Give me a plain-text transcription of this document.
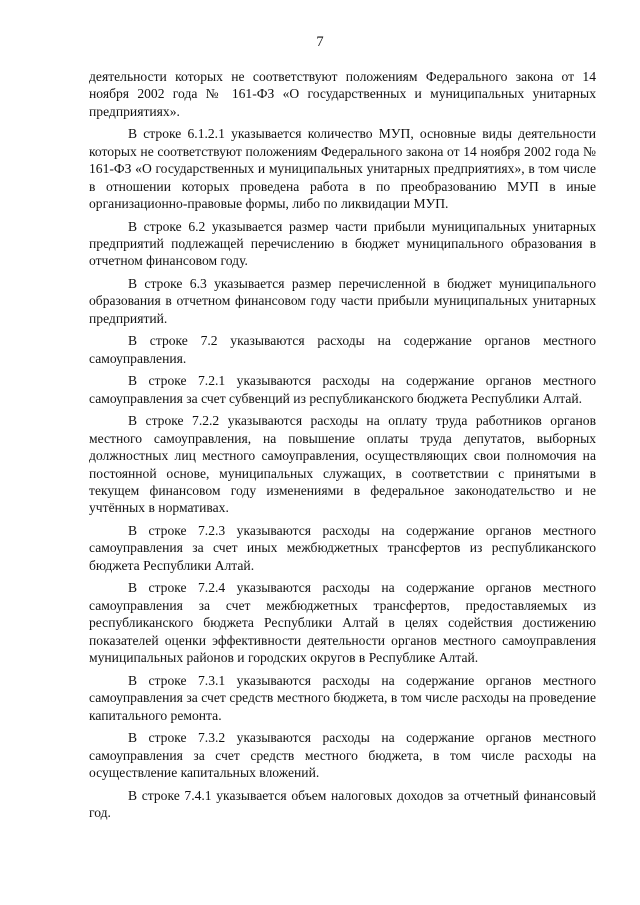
7

деятельности которых не соответствуют положениям Федерального закона от 14 ноября 2002 года № 161-ФЗ «О государственных и муниципальных унитарных предприятиях».

В строке 6.1.2.1 указывается количество МУП, основные виды деятельности которых не соответствуют положениям Федерального закона от 14 ноября 2002 года № 161-ФЗ «О государственных и муниципальных унитарных предприятиях», в том числе в отношении которых проведена работа в по преобразованию МУП в иные организационно-правовые формы, либо по ликвидации МУП.

В строке 6.2 указывается размер части прибыли муниципальных унитарных предприятий подлежащей перечислению в бюджет муниципального образования в отчетном финансовом году.

В строке 6.3 указывается размер перечисленной в бюджет муниципального образования в отчетном финансовом году части прибыли муниципальных унитарных предприятий.

В строке 7.2 указываются расходы на содержание органов местного самоуправления.

В строке 7.2.1 указываются расходы на содержание органов местного самоуправления за счет субвенций из республиканского бюджета Республики Алтай.

В строке 7.2.2 указываются расходы на оплату труда работников органов местного самоуправления, на повышение оплаты труда депутатов, выборных должностных лиц местного самоуправления, осуществляющих свои полномочия на постоянной основе, муниципальных служащих, в соответствии с принятыми в текущем финансовом году изменениями в федеральное законодательство и не учтённых в нормативах.

В строке 7.2.3 указываются расходы на содержание органов местного самоуправления за счет иных межбюджетных трансфертов из республиканского бюджета Республики Алтай.

В строке 7.2.4 указываются расходы на содержание органов местного самоуправления за счет межбюджетных трансфертов, предоставляемых из республиканского бюджета Республики Алтай в целях содействия достижению показателей оценки эффективности деятельности органов местного самоуправления муниципальных районов и городских округов в Республике Алтай.

В строке 7.3.1 указываются расходы на содержание органов местного самоуправления за счет средств местного бюджета, в том числе расходы на проведение капитального ремонта.

В строке 7.3.2 указываются расходы на содержание органов местного самоуправления за счет средств местного бюджета, в том числе расходы на осуществление капитальных вложений.

В строке 7.4.1 указывается объем налоговых доходов за отчетный финансовый год.
